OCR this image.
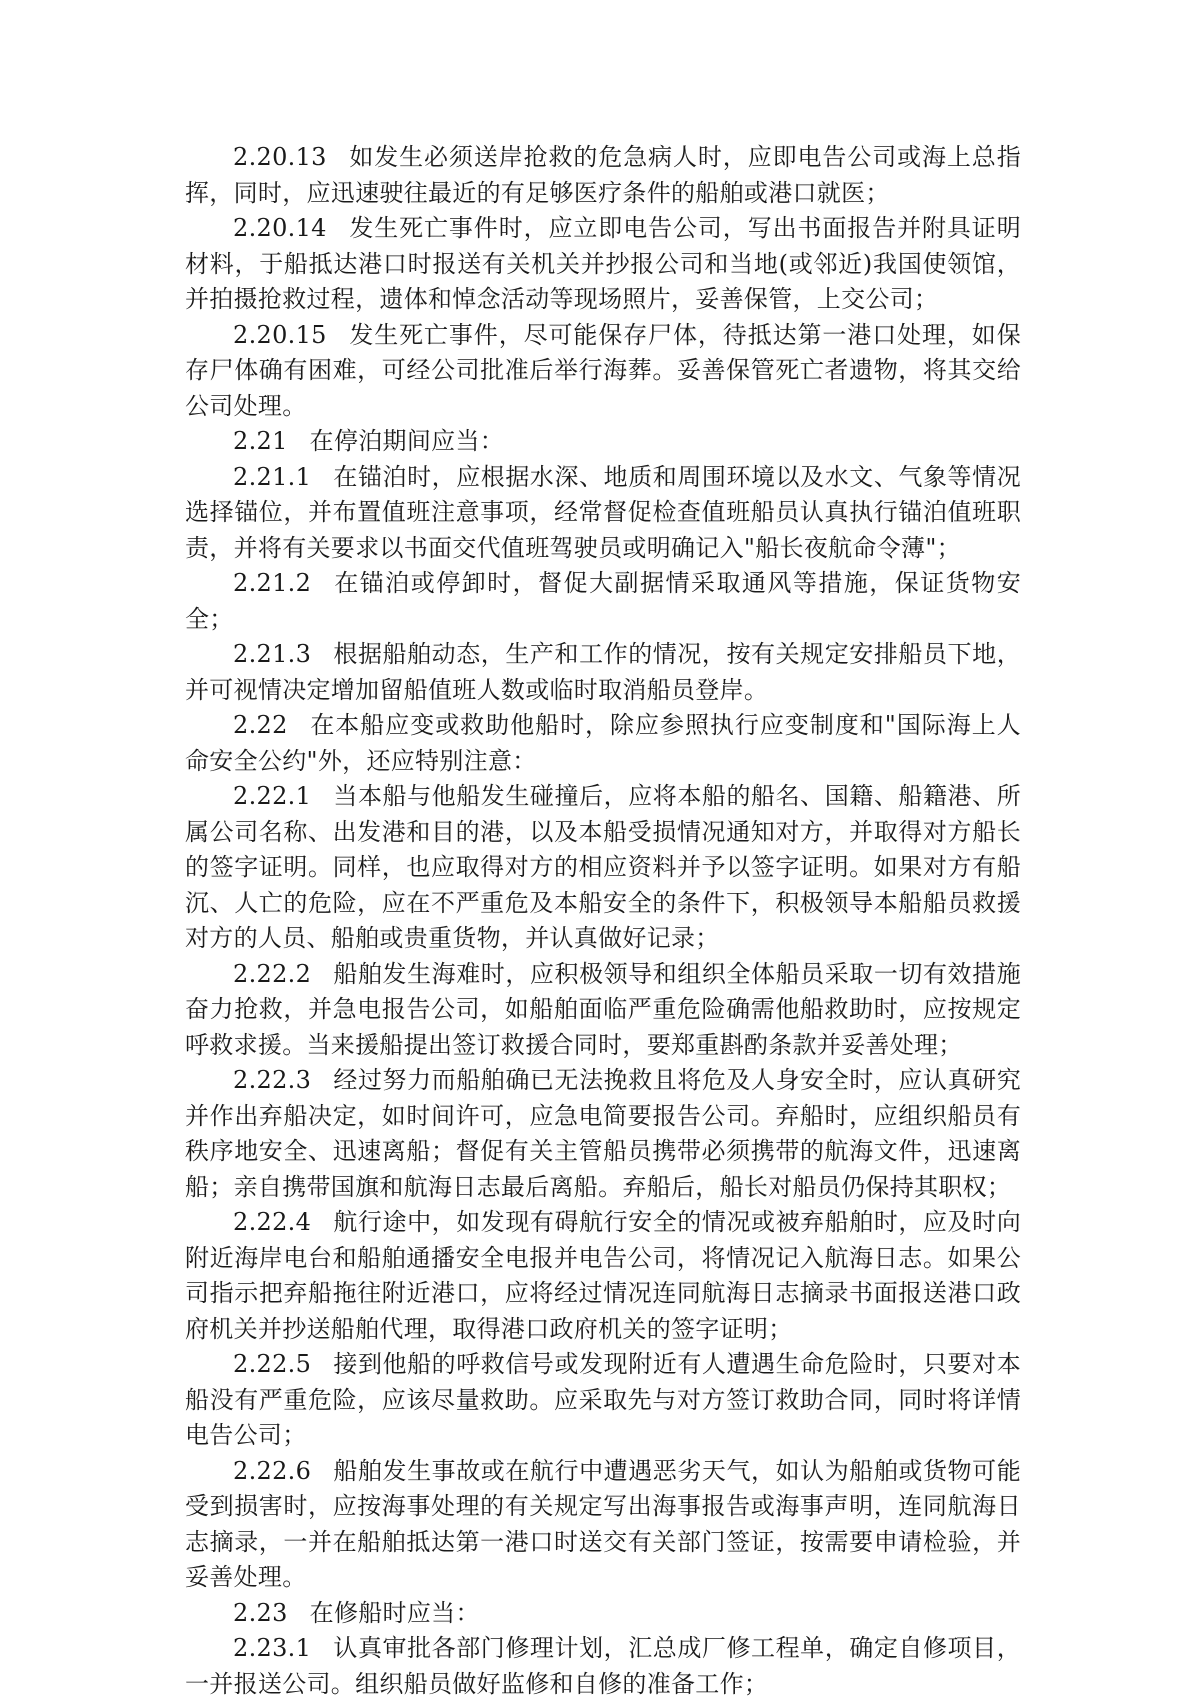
2.20.13 如发生必须送岸抢救的危急病人时，应即电告公司或海上总指挥，同时，应迅速驶往最近的有足够医疗条件的船舶或港口就医；

2.20.14 发生死亡事件时，应立即电告公司，写出书面报告并附具证明材料，于船抵达港口时报送有关机关并抄报公司和当地(或邻近)我国使领馆，并拍摄抢救过程，遗体和悼念活动等现场照片，妥善保管，上交公司；

2.20.15 发生死亡事件，尽可能保存尸体，待抵达第一港口处理，如保存尸体确有困难，可经公司批准后举行海葬。妥善保管死亡者遗物，将其交给公司处理。

2.21 在停泊期间应当：

2.21.1 在锚泊时，应根据水深、地质和周围环境以及水文、气象等情况选择锚位，并布置值班注意事项，经常督促检查值班船员认真执行锚泊值班职责，并将有关要求以书面交代值班驾驶员或明确记入"船长夜航命令薄"；

2.21.2 在锚泊或停卸时，督促大副据情采取通风等措施，保证货物安全；

2.21.3 根据船舶动态，生产和工作的情况，按有关规定安排船员下地，并可视情决定增加留船值班人数或临时取消船员登岸。

2.22 在本船应变或救助他船时，除应参照执行应变制度和"国际海上人命安全公约"外，还应特别注意：

2.22.1 当本船与他船发生碰撞后，应将本船的船名、国籍、船籍港、所属公司名称、出发港和目的港，以及本船受损情况通知对方，并取得对方船长的签字证明。同样，也应取得对方的相应资料并予以签字证明。如果对方有船沉、人亡的危险，应在不严重危及本船安全的条件下，积极领导本船船员救援对方的人员、船舶或贵重货物，并认真做好记录；

2.22.2 船舶发生海难时，应积极领导和组织全体船员采取一切有效措施奋力抢救，并急电报告公司，如船舶面临严重危险确需他船救助时，应按规定呼救求援。当来援船提出签订救援合同时，要郑重斟酌条款并妥善处理；

2.22.3 经过努力而船舶确已无法挽救且将危及人身安全时，应认真研究并作出弃船决定，如时间许可，应急电简要报告公司。弃船时，应组织船员有秩序地安全、迅速离船；督促有关主管船员携带必须携带的航海文件，迅速离船；亲自携带国旗和航海日志最后离船。弃船后，船长对船员仍保持其职权；

2.22.4 航行途中，如发现有碍航行安全的情况或被弃船舶时，应及时向附近海岸电台和船舶通播安全电报并电告公司，将情况记入航海日志。如果公司指示把弃船拖往附近港口，应将经过情况连同航海日志摘录书面报送港口政府机关并抄送船舶代理，取得港口政府机关的签字证明；

2.22.5 接到他船的呼救信号或发现附近有人遭遇生命危险时，只要对本船没有严重危险，应该尽量救助。应采取先与对方签订救助合同，同时将详情电告公司；

2.22.6 船舶发生事故或在航行中遭遇恶劣天气，如认为船舶或货物可能受到损害时，应按海事处理的有关规定写出海事报告或海事声明，连同航海日志摘录，一并在船舶抵达第一港口时送交有关部门签证，按需要申请检验，并妥善处理。

2.23 在修船时应当：

2.23.1 认真审批各部门修理计划，汇总成厂修工程单，确定自修项目，一并报送公司。组织船员做好监修和自修的准备工作；
